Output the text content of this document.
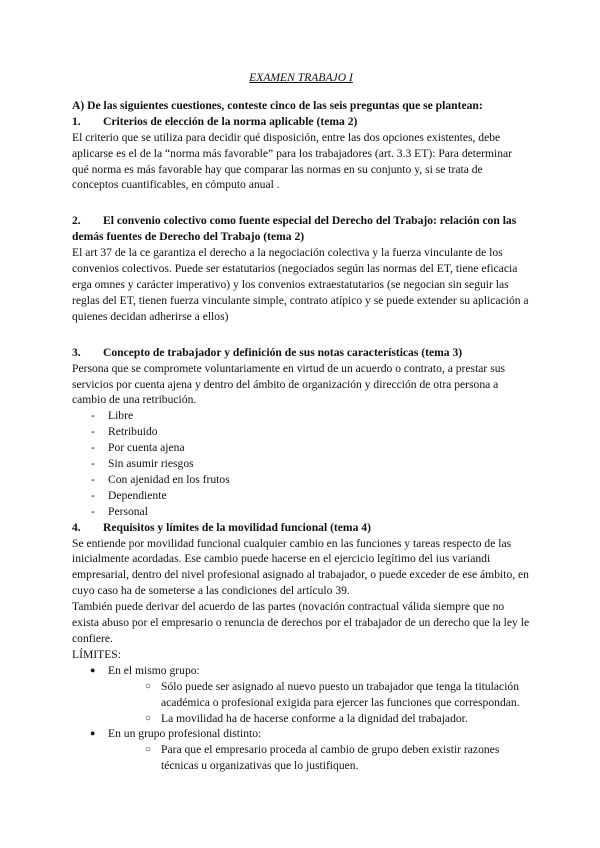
EXAMEN TRABAJO I

A) De las siguientes cuestiones, conteste cinco de las seis preguntas que se plantean:

1.	Criterios de elección de la norma aplicable (tema 2)

El criterio que se utiliza para decidir qué disposición, entre las dos opciones existentes, debe aplicarse es el de la “norma más favorable” para los trabajadores (art. 3.3 ET): Para determinar qué norma es más favorable hay que comparar las normas en su conjunto y, si se trata de conceptos cuantificables, en cómputo anual .

2. El convenio colectivo como fuente especial del Derecho del Trabajo: relación con las demás fuentes de Derecho del Trabajo (tema 2)

El art 37 de la ce garantiza el derecho a la negociación colectiva y la fuerza vinculante de los convenios colectivos. Puede ser estatutarios (negociados según las normas del ET, tiene eficacia erga omnes y carácter imperativo) y los convenios extraestatutarios (se negocian sin seguir las reglas del ET, tienen fuerza vinculante simple, contrato atípico y se puede extender su aplicación a quienes decidan adherirse a ellos)

3.	Concepto de trabajador y definición de sus notas características (tema 3)

Persona que se compromete voluntariamente en virtud de un acuerdo o contrato, a prestar sus servicios por cuenta ajena y dentro del ámbito de organización y dirección de otra persona a cambio de una retribución.

- Libre
- Retribuido
- Por cuenta ajena
- Sin asumir riesgos
- Con ajenidad en los frutos
- Dependiente
- Personal
4.	Requisitos y límites de la movilidad funcional (tema 4)

Se entiende por movilidad funcional cualquier cambio en las funciones y tareas respecto de las inicialmente acordadas. Ese cambio puede hacerse en el ejercicio legítimo del ius variandi empresarial, dentro del nivel profesional asignado al trabajador, o puede exceder de ese ámbito, en cuyo caso ha de someterse a las condiciones del artículo 39.

También puede derivar del acuerdo de las partes (novación contractual válida siempre que no exista abuso por el empresario o renuncia de derechos por el trabajador de un derecho que la ley le confiere.

LÍMITES:

● En el mismo grupo:
○ Sólo puede ser asignado al nuevo puesto un trabajador que tenga la titulación académica o profesional exigida para ejercer las funciones que correspondan.
○ La movilidad ha de hacerse conforme a la dignidad del trabajador.
● En un grupo profesional distinto:
○ Para que el empresario proceda al cambio de grupo deben existir razones técnicas u organizativas que lo justifiquen.
